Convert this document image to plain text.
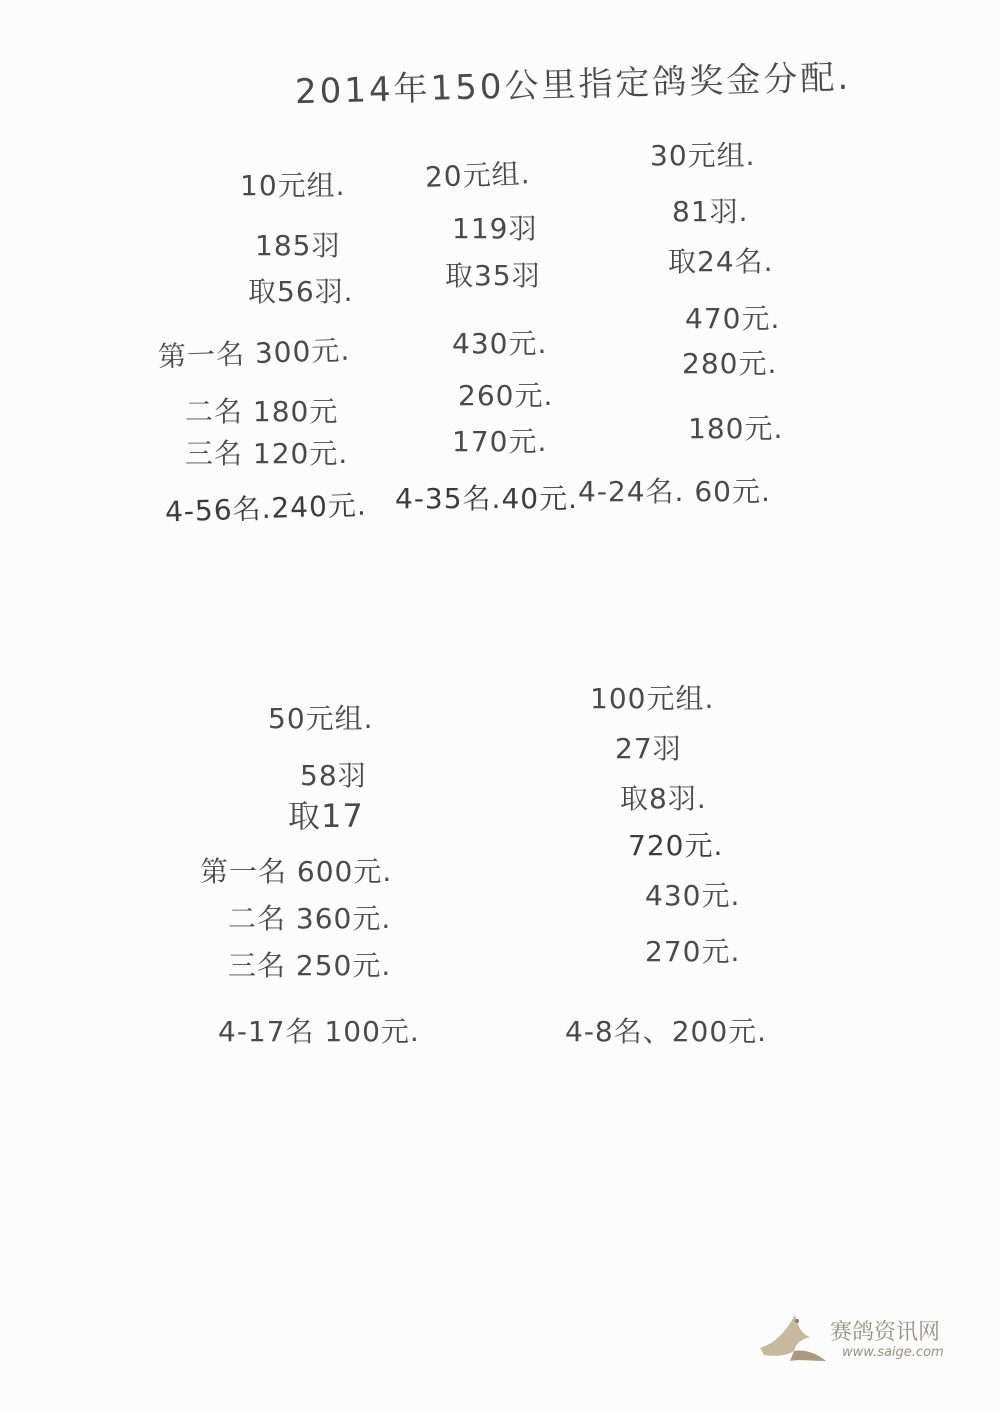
2014年150公里指定鸽奖金分配.
10元组.
185羽
取56羽.
第一名 300元.
二名 180元
三名 120元.
4-56名.240元.
20元组.
119羽
取35羽
430元.
260元.
170元.
4-35名.40元.
30元组.
81羽.
取24名.
470元.
280元.
180元.
4-24名. 60元.
50元组.
58羽
取17
第一名 600元.
二名 360元.
三名 250元.
4-17名 100元.
100元组.
27羽
取8羽.
720元.
430元.
270元.
4-8名、200元.
赛鸽资讯网
www.saige.com
